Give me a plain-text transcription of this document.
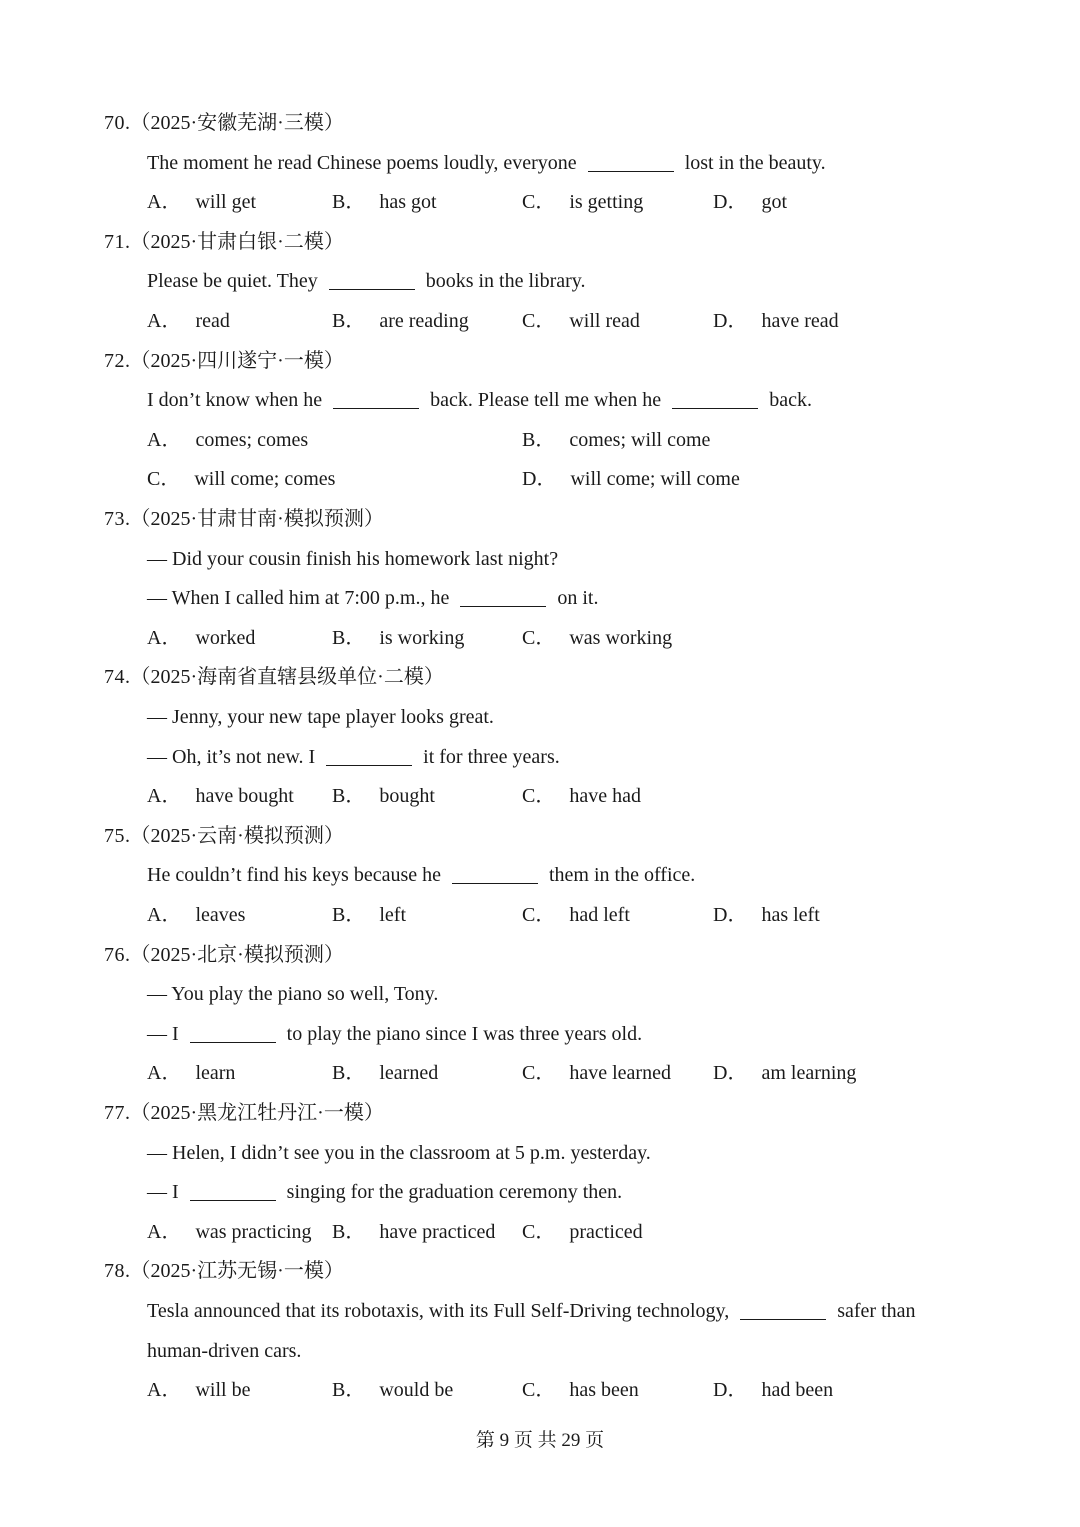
70.（2025·安徽芜湖·三模）
The moment he read Chinese poems loudly, everyone	lost in the beauty.
A． will get	B． has got	C． is getting	D． got
71.（2025·甘肃白银·二模）
Please be quiet. They	books in the library.
A． read	B． are reading	C． will read	D． have read
72.（2025·四川遂宁·一模）
I don’t know when he	back. Please tell me when he	back.
A． comes; comes	B． comes; will come
C． will come; comes	D． will come; will come
73.（2025·甘肃甘南·模拟预测）
— Did your cousin finish his homework last night?
— When I called him at 7:00 p.m., he	on it.
A． worked	B． is working	C． was working
74.（2025·海南省直辖县级单位·二模）
— Jenny, your new tape player looks great.
— Oh, it’s not new. I	it for three years.
A． have bought B． bought	C． have had
75.（2025·云南·模拟预测）
He couldn’t find his keys because he	them in the office.
A． leaves	B． left	C． had left	D． has left
76.（2025·北京·模拟预测）
— You play the piano so well, Tony.
— I	to play the piano since I was three years old.
A． learn	B． learned	C． have learned D． am learning
77.（2025·黑龙江牡丹江·一模）
— Helen, I didn’t see you in the classroom at 5 p.m. yesterday.
— I	singing for the graduation ceremony then.
A． was practicing B． have practiced C． practiced
78.（2025·江苏无锡·一模）
Tesla announced that its robotaxis, with its Full Self-Driving technology,	safer than
human-driven cars.
A． will be	B． would be	C． has been	D． had been
第 9 页 共 29 页
